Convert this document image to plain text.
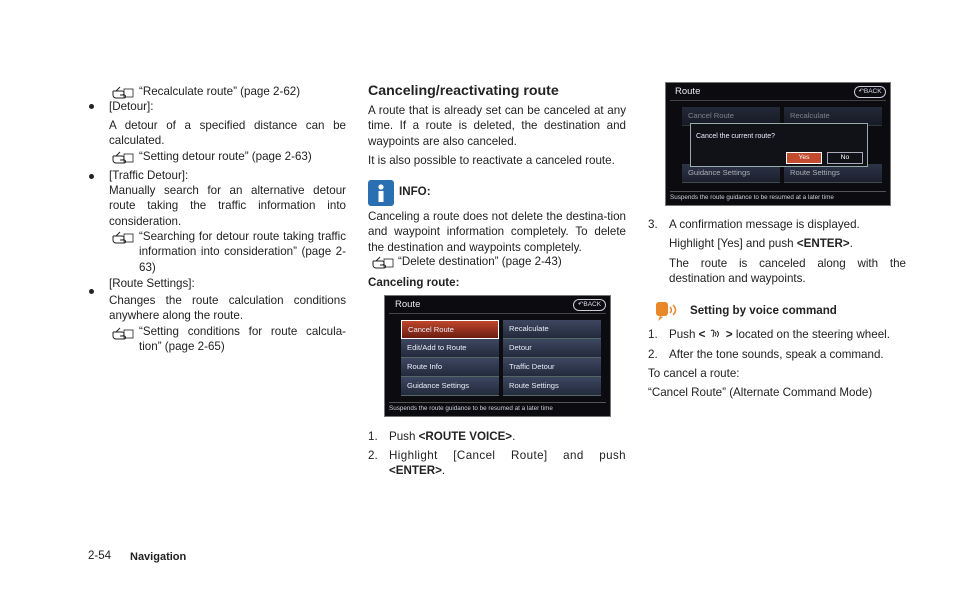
“Recalculate route” (page 2-62)
[Detour]:

A detour of a specified distance can be calculated.

“Setting detour route” (page 2-63)
[Traffic Detour]:

Manually search for an alternative detour route taking the traffic information into consideration.

“Searching for detour route taking traffic information into consideration” (page 2-63)

[Route Settings]:

Changes the route calculation conditions anywhere along the route.

“Setting conditions for route calcula-tion” (page 2-65)

Canceling/reactivating route

A route that is already set can be canceled at any time. If a route is deleted, the destination and waypoints are also canceled.

It is also possible to reactivate a canceled route.

INFO:

Canceling a route does not delete the destina-tion and waypoint information completely. To delete the destination and waypoints completely.

“Delete destination” (page 2-43)
Canceling route:
Route	↶BACK
Cancel Route
Edit/Add to Route
Route Info
Guidance Settings
Recalculate
Detour
Traffic Detour
Route Settings
Suspends the route guidance to be resumed at a later time
1. Push <ROUTE VOICE>.
2. Highlight [Cancel Route] and push
<ENTER>.
Route	↶BACK
Cancel Route	Recalculate
Guidance Settings	Route Settings
Cancel the current route?
Yes	No
Suspends the route guidance to be resumed at a later time
3. A confirmation message is displayed.
Highlight [Yes] and push <ENTER>.

The route is canceled along with the destination and waypoints.

Setting by voice command
1. Push < > located on the steering wheel.
2. After the tone sounds, speak a command.
To cancel a route:
“Cancel Route” (Alternate Command Mode)
2-54 Navigation
